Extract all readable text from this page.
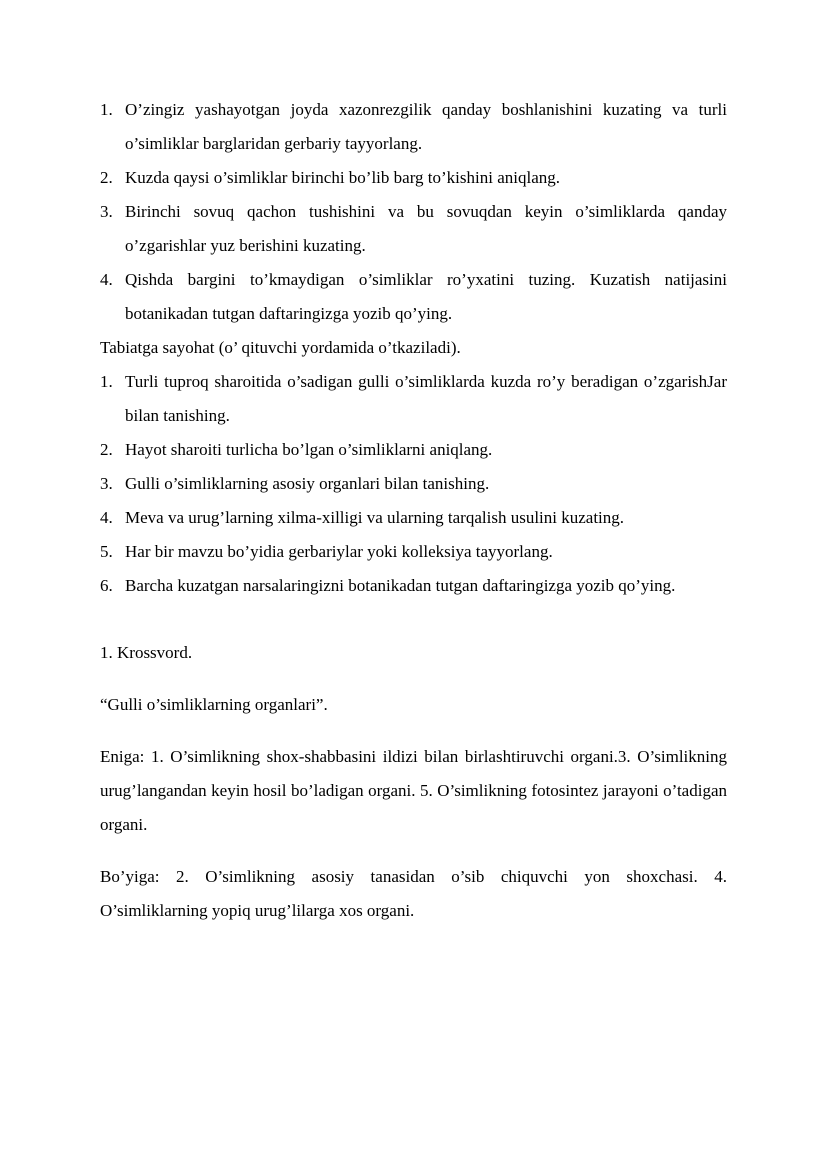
1. O’zingiz yashayotgan joyda xazonrezgilik qanday boshlanishini kuzating va turli o’simliklar barglaridan gerbariy tayyorlang.
2. Kuzda qaysi o’simliklar birinchi bo’lib barg to’kishini aniqlang.
3. Birinchi sovuq qachon tushishini va bu sovuqdan keyin o’simliklarda qanday o’zgarishlar yuz berishini kuzating.
4. Qishda bargini to’kmaydigan o’simliklar ro’yxatini tuzing. Kuzatish natijasini botanikadan tutgan daftaringizga yozib qo’ying.

Tabiatga sayohat (o’ qituvchi yordamida o’tkaziladi).

1. Turli tuproq sharoitida o’sadigan gulli o’simliklarda kuzda ro’y beradigan o’zgarishJar bilan tanishing.
2. Hayot sharoiti turlicha bo’lgan o’simliklarni aniqlang.
3. Gulli o’simliklarning asosiy organlari bilan tanishing.
4. Meva va urug’larning xilma-xilligi va ularning tarqalish usulini kuzating.
5. Har bir mavzu bo’yidia gerbariylar yoki kolleksiya tayyorlang.
6. Barcha kuzatgan narsalaringizni botanikadan tutgan daftaringizga yozib qo’ying.

1. Krossvord.

“Gulli o’simliklarning organlari”.

Eniga: 1. O’simlikning shox-shabbasini ildizi bilan birlashtiruvchi organi.3. O’simlikning urug’langandan keyin hosil bo’ladigan organi. 5. O’simlikning fotosintez jarayoni o’tadigan organi.

Bo’yiga: 2. O’simlikning asosiy tanasidan o’sib chiquvchi yon shoxchasi. 4. O’simliklarning yopiq urug’lilarga xos organi.
